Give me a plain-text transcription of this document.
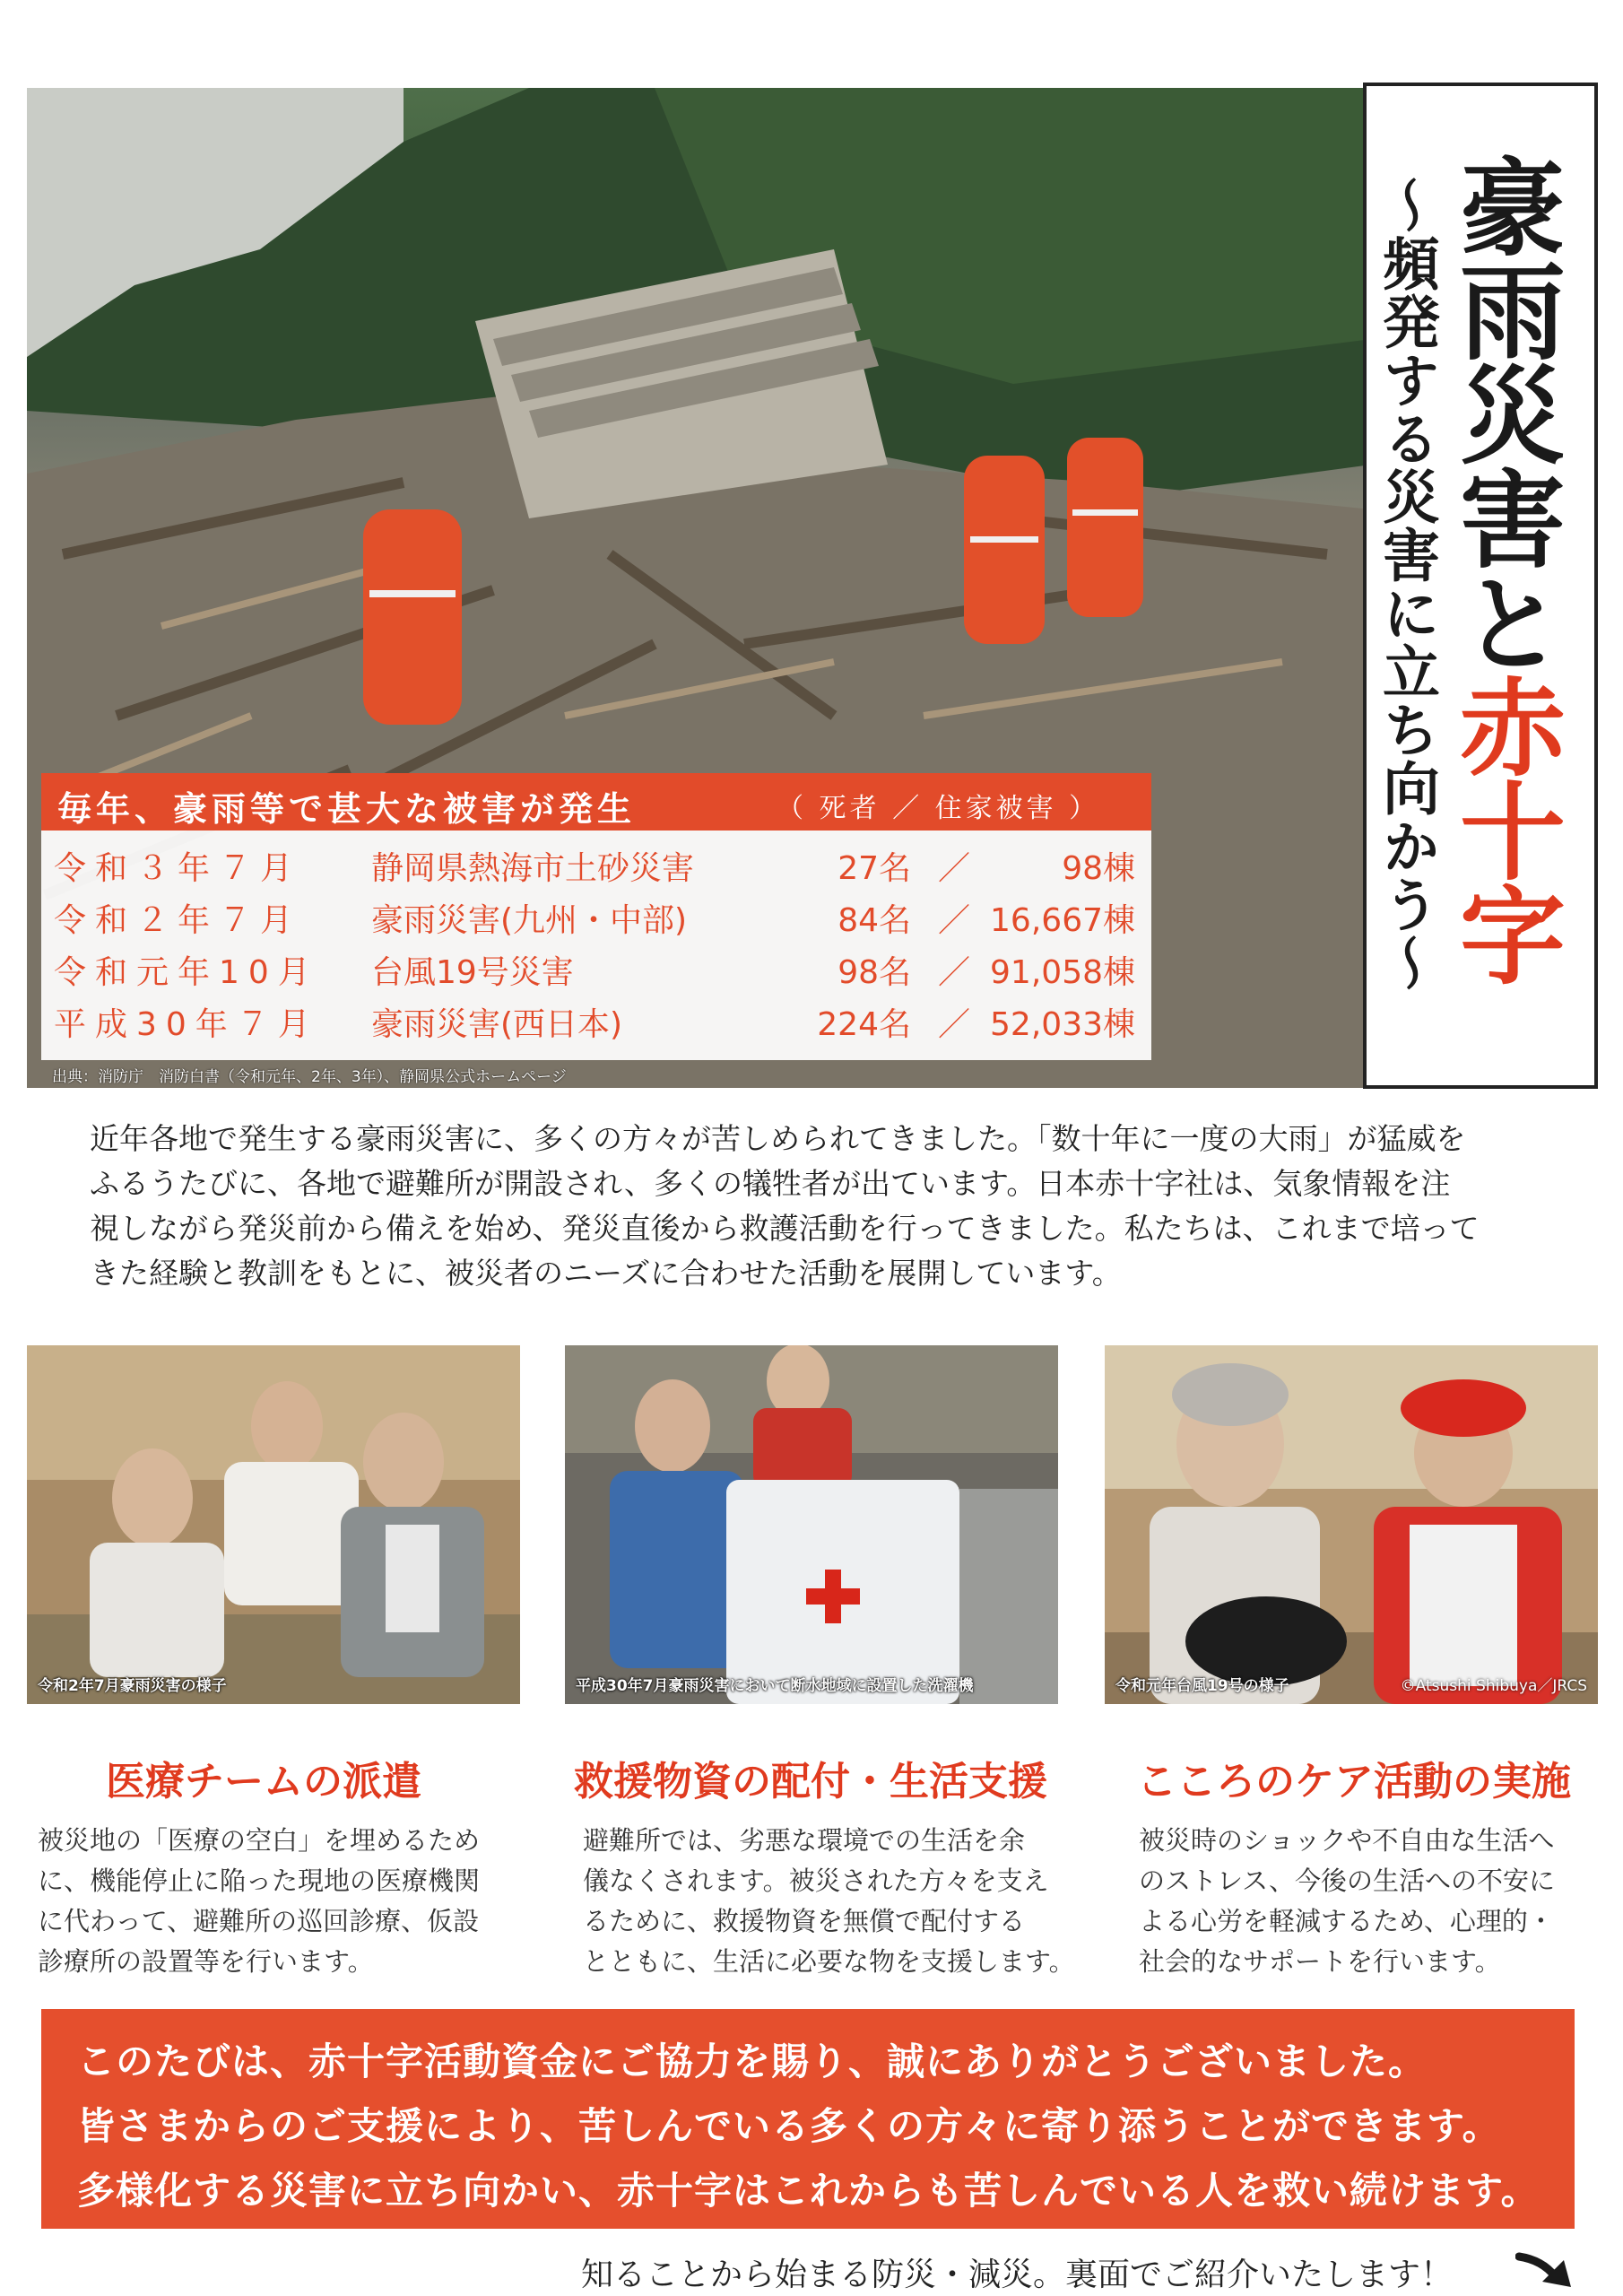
毎年、豪雨等で甚大な被害が発生	（ 死者 ／ 住家被害 ）
令和３年７月 静岡県熱海市土砂災害	27名 ／	98棟
令和２年７月 豪雨災害(九州・中部)	84名 ／ 16,667棟
令和元年10月 台風19号災害	98名 ／ 91,058棟
平成30年７月 豪雨災害(西日本)	224名 ／ 52,033棟
出典：消防庁　消防白書（令和元年、2年、3年）、静岡県公式ホームページ
豪雨災害と赤十字
～頻発する災害に立ち向かう～

近年各地で発生する豪雨災害に、多くの方々が苦しめられてきました。「数十年に一度の大雨」が猛威を

ふるうたびに、各地で避難所が開設され、多くの犠牲者が出ています。日本赤十字社は、気象情報を注

視しながら発災前から備えを始め、発災直後から救護活動を行ってきました。私たちは、これまで培って

きた経験と教訓をもとに、被災者のニーズに合わせた活動を展開しています。

令和2年7月豪雨災害の様子	平成30年7月豪雨災害において断水地域に設置した洗濯機	令和元年台風19号の様子	©Atsushi Shibuya／JRCS
医療チームの派遣	救援物資の配付・生活支援 こころのケア活動の実施
被災地の「医療の空白」を埋めるため
に、機能停止に陥った現地の医療機関
に代わって、避難所の巡回診療、仮設
診療所の設置等を行います。
避難所では、劣悪な環境での生活を余
儀なくされます。被災された方々を支え
るために、救援物資を無償で配付する
とともに、生活に必要な物を支援します。
被災時のショックや不自由な生活へ
のストレス、今後の生活への不安に
よる心労を軽減するため、心理的・
社会的なサポートを行います。
このたびは、赤十字活動資金にご協力を賜り、誠にありがとうございました。
皆さまからのご支援により、苦しんでいる多くの方々に寄り添うことができます。
多様化する災害に立ち向かい、赤十字はこれからも苦しんでいる人を救い続けます。
知ることから始まる防災・減災。裏面でご紹介いたします！
